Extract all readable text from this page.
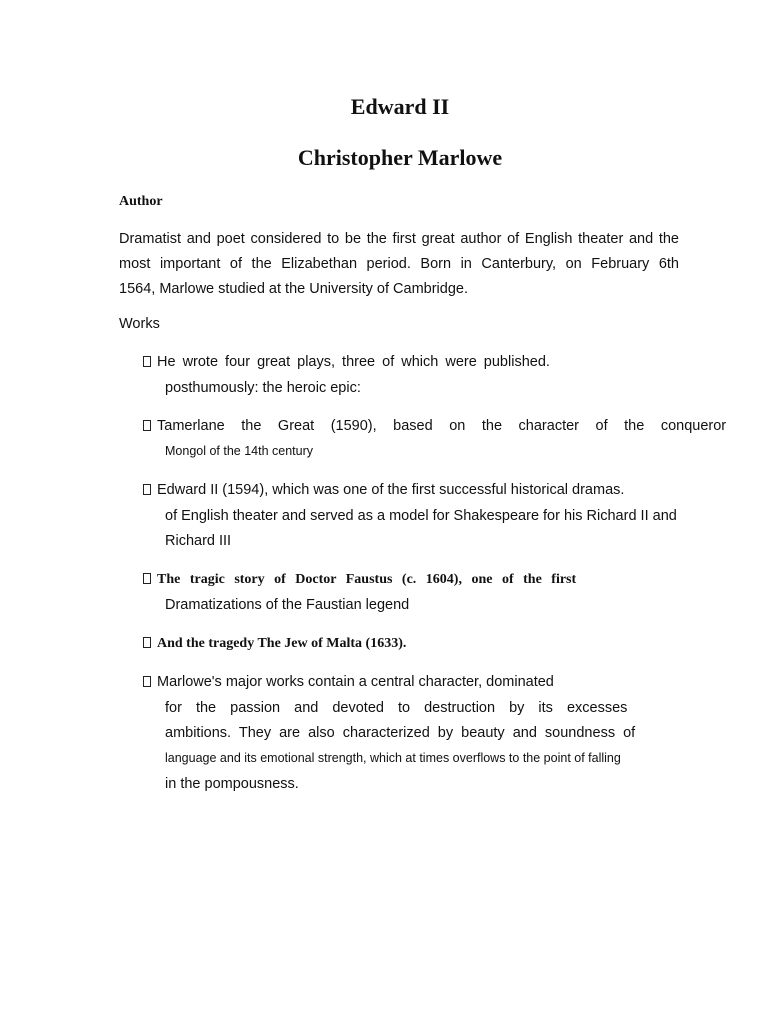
Edward II
Christopher Marlowe
Author
Dramatist and poet considered to be the first great author of English theater and the
most important of the Elizabethan period. Born in Canterbury, on February 6th
1564, Marlowe studied at the University of Cambridge.
Works
He wrote four great plays, three of which were published.
posthumously: the heroic epic:
Tamerlane the Great (1590), based on the character of the conqueror
Mongol of the 14th century
Edward II (1594), which was one of the first successful historical dramas.
of English theater and served as a model for Shakespeare for his Richard II and
Richard III
The tragic story of Doctor Faustus (c. 1604), one of the first
Dramatizations of the Faustian legend
And the tragedy The Jew of Malta (1633).
Marlowe's major works contain a central character, dominated
for the passion and devoted to destruction by its excesses
ambitions. They are also characterized by beauty and soundness of
language and its emotional strength, which at times overflows to the point of falling
in the pompousness.
